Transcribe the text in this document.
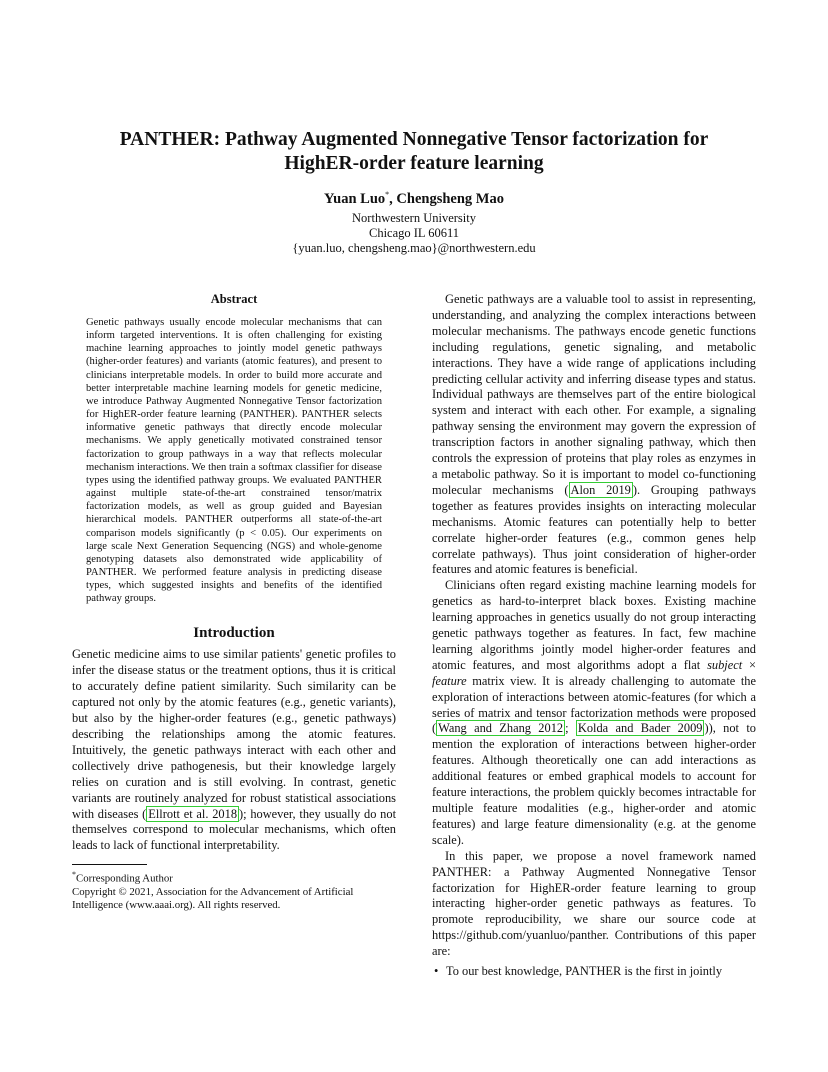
PANTHER: Pathway Augmented Nonnegative Tensor factorization for
HighER-order feature learning
Yuan Luo*, Chengsheng Mao
Northwestern University
Chicago IL 60611
{yuan.luo, chengsheng.mao}@northwestern.edu
Abstract

Genetic pathways usually encode molecular mechanisms that can inform targeted interventions. It is often challenging for existing machine learning approaches to jointly model genetic pathways (higher-order features) and variants (atomic features), and present to clinicians interpretable models. In order to build more accurate and better interpretable machine learning models for genetic medicine, we introduce Pathway Augmented Nonnegative Tensor factorization for HighER-order feature learning (PANTHER). PANTHER selects informative genetic pathways that directly encode molecular mechanisms. We apply genetically motivated constrained tensor factorization to group pathways in a way that reflects molecular mechanism interactions. We then train a softmax classifier for disease types using the identified pathway groups. We evaluated PANTHER against multiple state-of-the-art constrained tensor/matrix factorization models, as well as group guided and Bayesian hierarchical models. PANTHER outperforms all state-of-the-art comparison models significantly (p < 0.05). Our experiments on large scale Next Generation Sequencing (NGS) and whole-genome genotyping datasets also demonstrated wide applicability of PANTHER. We performed feature analysis in predicting disease types, which suggested insights and benefits of the identified pathway groups.

Introduction

Genetic medicine aims to use similar patients' genetic profiles to infer the disease status or the treatment options, thus it is critical to accurately define patient similarity. Such similarity can be captured not only by the atomic features (e.g., genetic variants), but also by the higher-order features (e.g., genetic pathways) describing the relationships among the atomic features. Intuitively, the genetic pathways interact with each other and collectively drive pathogenesis, but their knowledge largely relies on curation and is still evolving. In contrast, genetic variants are routinely analyzed for robust statistical associations with diseases ( Ellrott et al. 2018 ); however, they usually do not themselves correspond to molecular mechanisms, which often leads to lack of functional interpretability.

*Corresponding Author

Copyright © 2021, Association for the Advancement of Artificial Intelligence (www.aaai.org). All rights reserved.

Genetic pathways are a valuable tool to assist in representing, understanding, and analyzing the complex interactions between molecular mechanisms. The pathways encode genetic functions including regulations, genetic signaling, and metabolic interactions. They have a wide range of applications including predicting cellular activity and inferring disease types and status. Individual pathways are themselves part of the entire biological system and interact with each other. For example, a signaling pathway sensing the environment may govern the expression of transcription factors in another signaling pathway, which then controls the expression of proteins that play roles as enzymes in a metabolic pathway. So it is important to model co-functioning molecular mechanisms ( Alon 2019 ). Grouping pathways together as features provides insights on interacting molecular mechanisms. Atomic features can potentially help to better correlate higher-order features (e.g., common genes help correlate pathways). Thus joint consideration of higher-order features and atomic features is beneficial.

Clinicians often regard existing machine learning models for genetics as hard-to-interpret black boxes. Existing machine learning approaches in genetics usually do not group interacting genetic pathways together as features. In fact, few machine learning algorithms jointly model higher-order features and atomic features, and most algorithms adopt a flat subject × feature matrix view. It is already challenging to automate the exploration of interactions between atomic-features (for which a series of matrix and tensor factorization methods were proposed ( Wang and Zhang 2012 ; Kolda and Bader 2009 )), not to mention the exploration of interactions between higher-order features. Although theoretically one can add interactions as additional features or embed graphical models to account for feature interactions, the problem quickly becomes intractable for multiple feature modalities (e.g., higher-order and atomic features) and large feature dimensionality (e.g. at the genome scale).

In this paper, we propose a novel framework named PANTHER: a Pathway Augmented Nonnegative Tensor factorization for HighER-order feature learning to group interacting higher-order genetic pathways as features. To promote reproducibility, we share our source code at https://github.com/yuanluo/panther. Contributions of this paper are:

• To our best knowledge, PANTHER is the first in jointly
